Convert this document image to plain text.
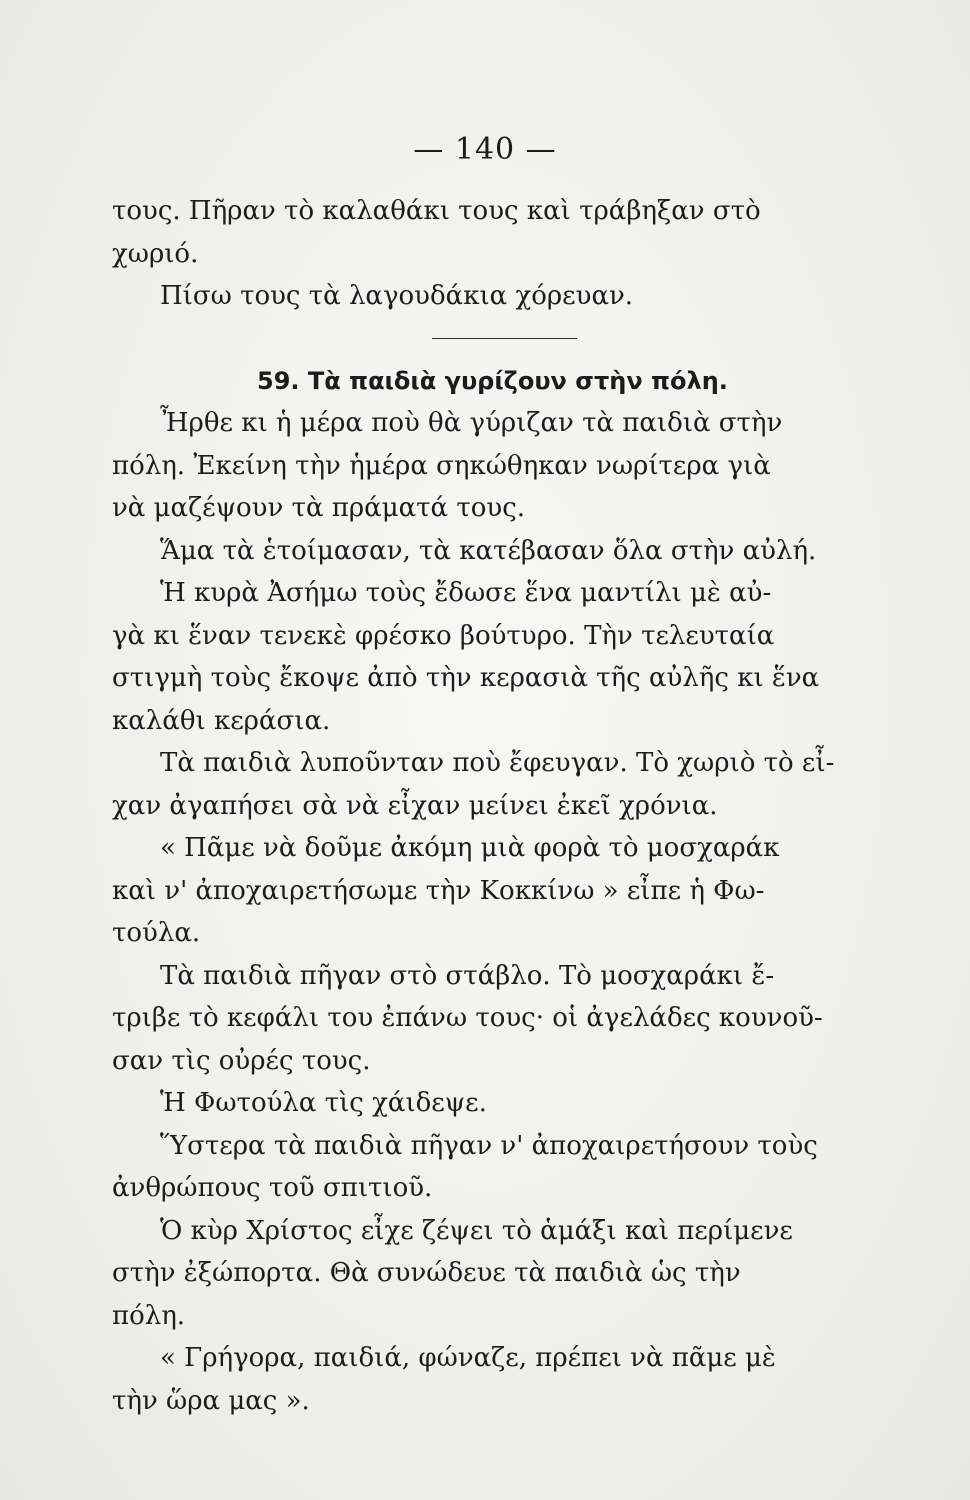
— 140 —
τους. Πῆραν τὸ καλαθάκι τους καὶ τράβηξαν στὸ
χωριό.
Πίσω τους τὰ λαγουδάκια χόρευαν.
59. Τὰ παιδιὰ γυρίζουν στὴν πόλη.
Ἦρθε κι ἡ μέρα ποὺ θὰ γύριζαν τὰ παιδιὰ στὴν
πόλη. Ἐκείνη τὴν ἡμέρα σηκώθηκαν νωρίτερα γιὰ
νὰ μαζέψουν τὰ πράματά τους.
Ἅμα τὰ ἑτοίμασαν, τὰ κατέβασαν ὅλα στὴν αὐλή.
Ἡ κυρὰ Ἀσήμω τοὺς ἔδωσε ἕνα μαντίλι μὲ αὐ-
γὰ κι ἕναν τενεκὲ φρέσκο βούτυρο. Τὴν τελευταία
στιγμὴ τοὺς ἔκοψε ἀπὸ τὴν κερασιὰ τῆς αὐλῆς κι ἕνα
καλάθι κεράσια.
Τὰ παιδιὰ λυποῦνταν ποὺ ἔφευγαν. Τὸ χωριὸ τὸ εἶ-
χαν ἀγαπήσει σὰ νὰ εἶχαν μείνει ἐκεῖ χρόνια.
« Πᾶμε νὰ δοῦμε ἀκόμη μιὰ φορὰ τὸ μοσχαράκ
καὶ ν' ἀποχαιρετήσωμε τὴν Κοκκίνω » εἶπε ἡ Φω-
τούλα.
Τὰ παιδιὰ πῆγαν στὸ στάβλο. Τὸ μοσχαράκι ἔ-
τριβε τὸ κεφάλι του ἐπάνω τους· οἱ ἀγελάδες κουνοῦ-
σαν τὶς οὐρές τους.
Ἡ Φωτούλα τὶς χάιδεψε.
Ὕστερα τὰ παιδιὰ πῆγαν ν' ἀποχαιρετήσουν τοὺς
ἀνθρώπους τοῦ σπιτιοῦ.
Ὁ κὺρ Χρίστος εἶχε ζέψει τὸ ἁμάξι καὶ περίμενε
στὴν ἐξώπορτα. Θὰ συνώδευε τὰ παιδιὰ ὡς τὴν
πόλη.
« Γρήγορα, παιδιά, φώναζε, πρέπει νὰ πᾶμε μὲ
τὴν ὥρα μας ».
